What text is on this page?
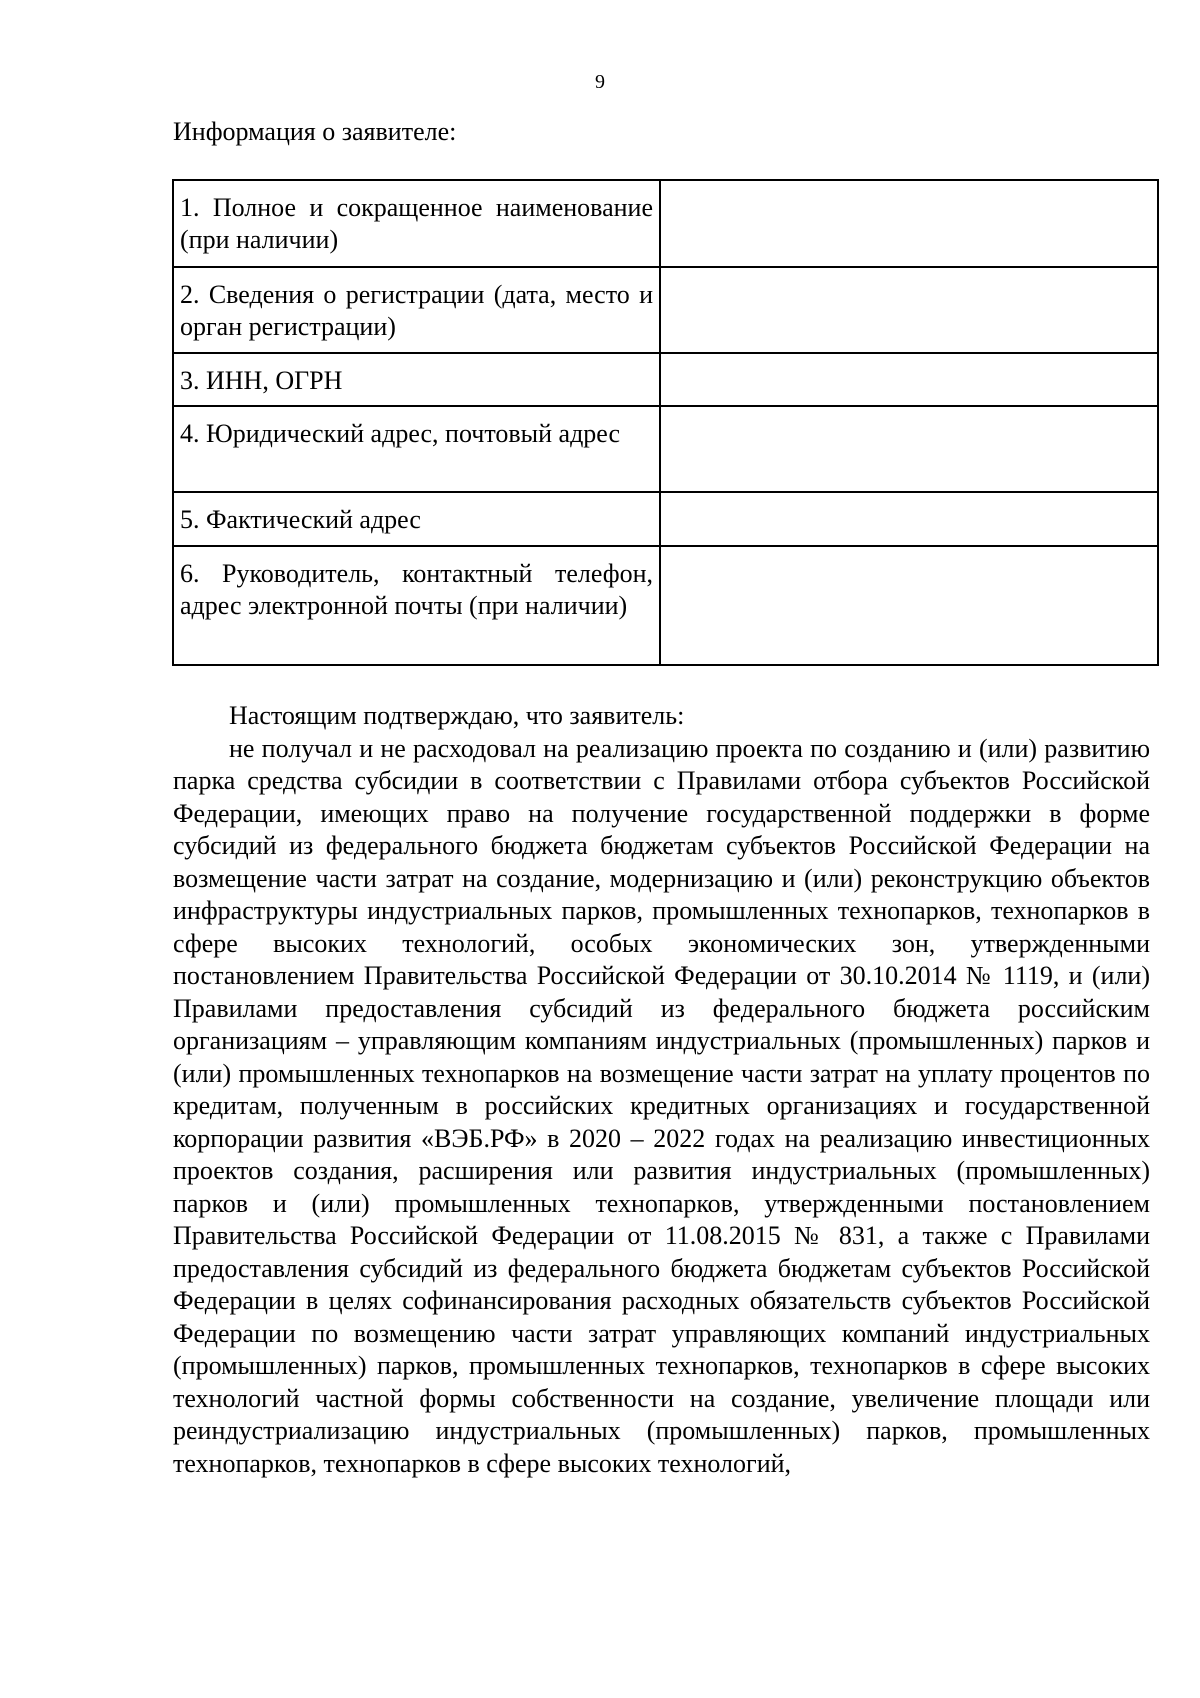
9
Информация о заявителе:
1. Полное и сокращенное наименование (при наличии)	
2. Сведения о регистрации (дата, место и орган регистрации)	
3. ИНН, ОГРН	
4. Юридический адрес, почтовый адрес	
5. Фактический адрес	
6. Руководитель, контактный телефон, адрес электронной почты (при наличии)	

Настоящим подтверждаю, что заявитель:

не получал и не расходовал на реализацию проекта по созданию и (или) развитию парка средства субсидии в соответствии с Правилами отбора субъектов Российской Федерации, имеющих право на получение государственной поддержки в форме субсидий из федерального бюджета бюджетам субъектов Российской Федерации на возмещение части затрат на создание, модернизацию и (или) реконструкцию объектов инфраструктуры индустриальных парков, промышленных технопарков, технопарков в сфере высоких технологий, особых экономических зон, утвержденными постановлением Правительства Российской Федерации от 30.10.2014 № 1119, и (или) Правилами предоставления субсидий из федерального бюджета российским организациям – управляющим компаниям индустриальных (промышленных) парков и (или) промышленных технопарков на возмещение части затрат на уплату процентов по кредитам, полученным в российских кредитных организациях и государственной корпорации развития «ВЭБ.РФ» в 2020 – 2022 годах на реализацию инвестиционных проектов создания, расширения или развития индустриальных (промышленных) парков и (или) промышленных технопарков, утвержденными постановлением Правительства Российской Федерации от 11.08.2015 № 831, а также с Правилами предоставления субсидий из федерального бюджета бюджетам субъектов Российской Федерации в целях софинансирования расходных обязательств субъектов Российской Федерации по возмещению части затрат управляющих компаний индустриальных (промышленных) парков, промышленных технопарков, технопарков в сфере высоких технологий частной формы собственности на создание, увеличение площади или реиндустриализацию индустриальных (промышленных) парков, промышленных технопарков, технопарков в сфере высоких технологий,
